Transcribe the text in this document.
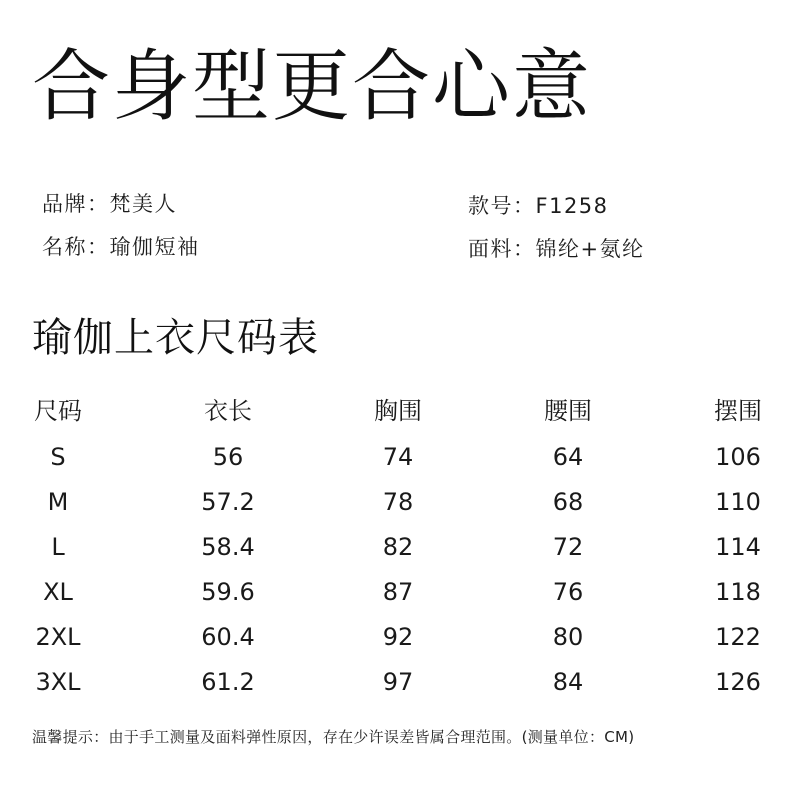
合身型更合心意
品牌：梵美人	款号：F1258
名称：瑜伽短袖	面料：锦纶+氨纶
瑜伽上衣尺码表
尺码	衣长	胸围	腰围	摆围
S	56	74	64	106
M	57.2	78	68	110
L	58.4	82	72	114
XL	59.6	87	76	118
2XL	60.4	92	80	122
3XL	61.2	97	84	126
温馨提示：由于手工测量及面料弹性原因，存在少许误差皆属合理范围。(测量单位：CM)
